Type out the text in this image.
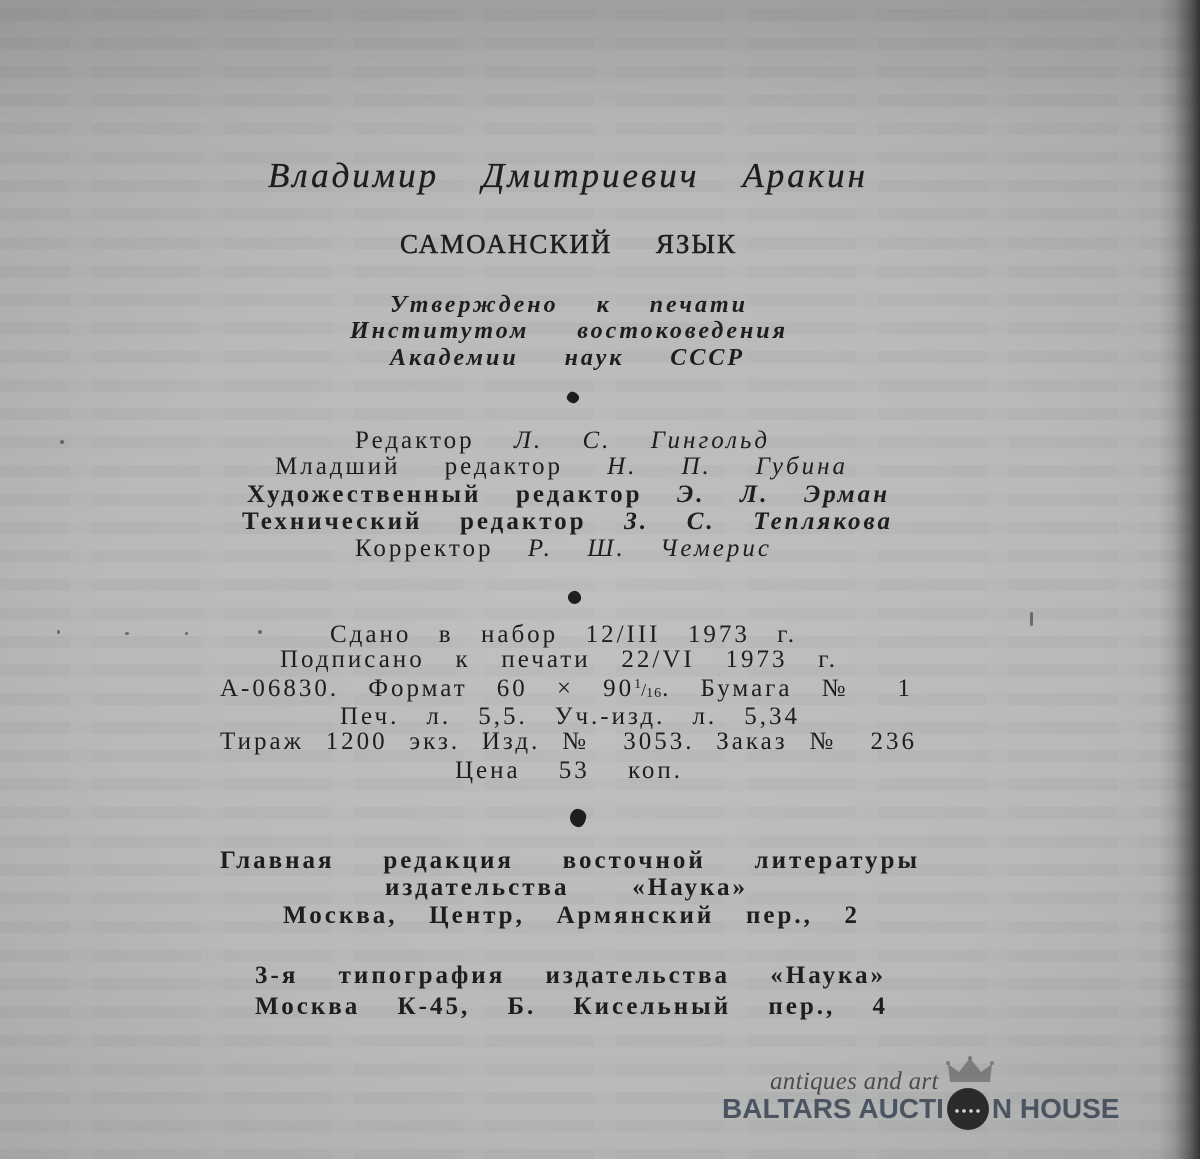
Владимир Дмитриевич Аракин
САМОАНСКИЙ ЯЗЫК
Утверждено к печати
Институтом востоковедения
Академии наук СССР
Редактор Л. С. Гингольд
Младший редактор Н. П. Губина
Художественный редактор Э. Л. Эрман
Технический редактор З. С. Теплякова
Корректор Р. Ш. Чемерис
Сдано в набор 12/III 1973 г.
Подписано к печати 22/VI 1973 г.
А-06830. Формат $60 \times 90^1/16$. Бумага № 1
Печ. л. 5,5. Уч.-изд. л. 5,34
Тираж 1200 экз. Изд. № 3053. Заказ № 236
Цена 53 коп.
Главная редакция восточной литературы
издательства «Наука»
Москва, Центр, Армянский пер., 2
3-я типография издательства «Наука»
Москва К-45, Б. Кисельный пер., 4
antiques and art
BALTARS AUCTI N HOUSE
